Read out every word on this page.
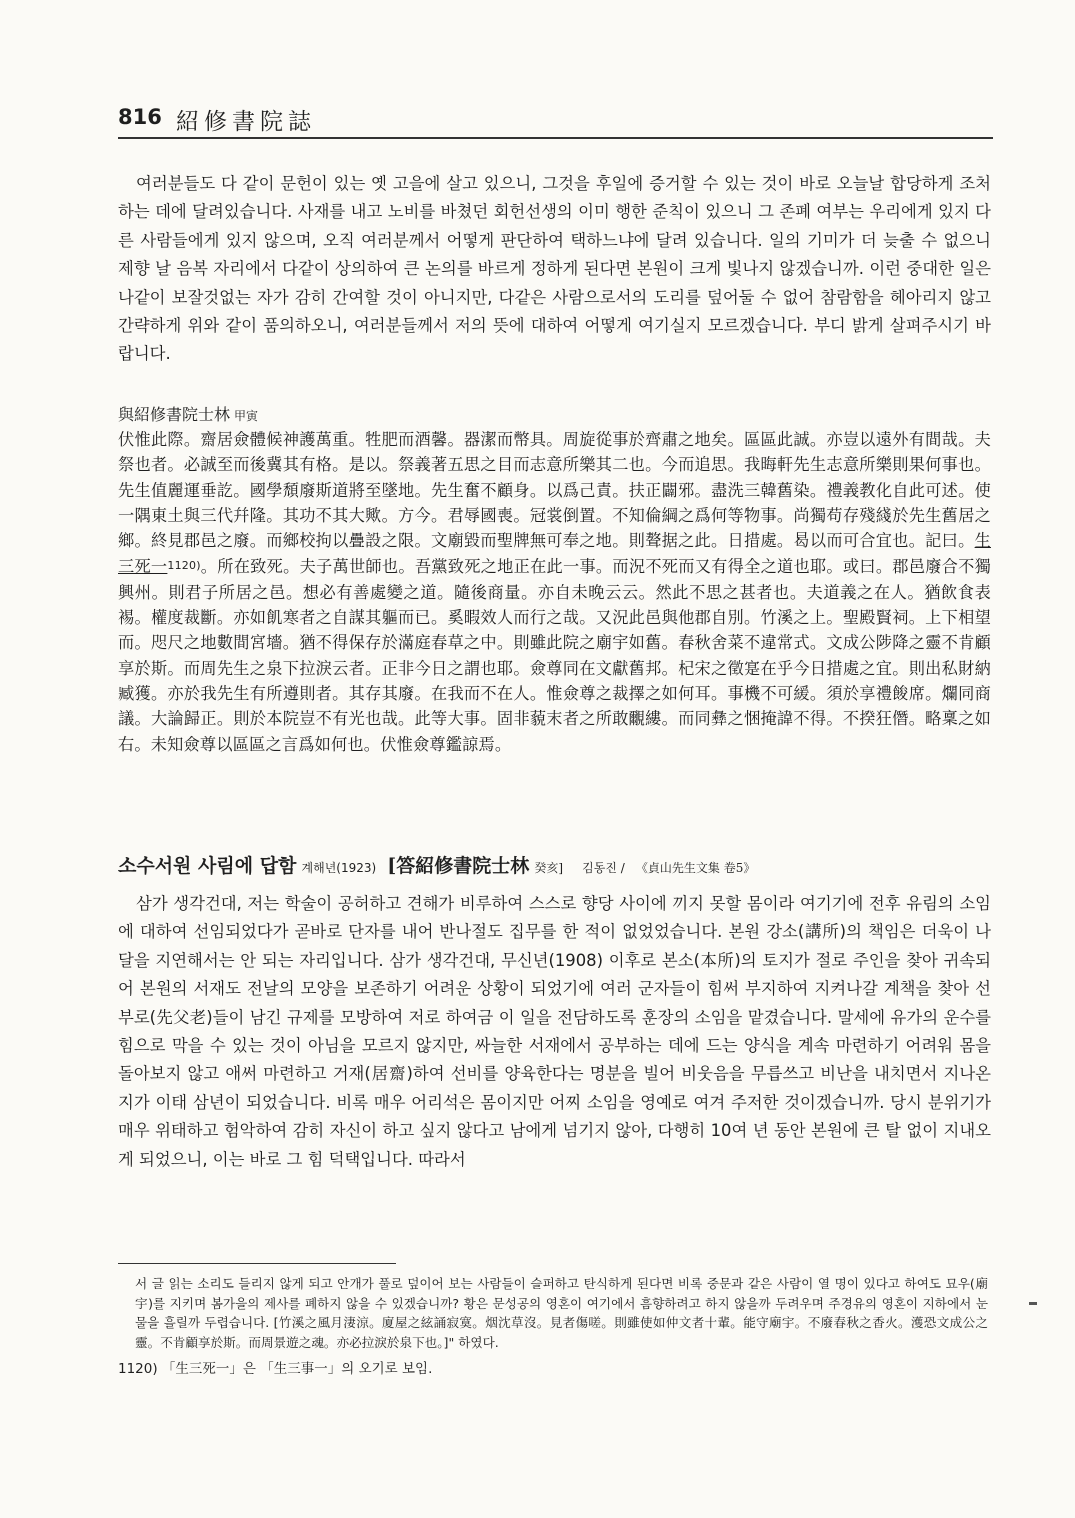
816 紹修書院誌

여러분들도 다 같이 문헌이 있는 옛 고을에 살고 있으니, 그것을 후일에 증거할 수 있는 것이 바로 오늘날 합당하게 조처하는 데에 달려있습니다. 사재를 내고 노비를 바쳤던 회헌선생의 이미 행한 준칙이 있으니 그 존폐 여부는 우리에게 있지 다른 사람들에게 있지 않으며, 오직 여러분께서 어떻게 판단하여 택하느냐에 달려 있습니다. 일의 기미가 더 늦출 수 없으니 제향 날 음복 자리에서 다같이 상의하여 큰 논의를 바르게 정하게 된다면 본원이 크게 빛나지 않겠습니까. 이런 중대한 일은 나같이 보잘것없는 자가 감히 간여할 것이 아니지만, 다같은 사람으로서의 도리를 덮어둘 수 없어 참람함을 헤아리지 않고 간략하게 위와 같이 품의하오니, 여러분들께서 저의 뜻에 대하여 어떻게 여기실지 모르겠습니다. 부디 밝게 살펴주시기 바랍니다.

與紹修書院士林 甲寅

伏惟此際。齋居僉體候神護萬重。牲肥而酒馨。器潔而幣具。周旋從事於齊肅之地矣。區區此誠。亦豈以遠外有間哉。夫祭也者。必誠至而後冀其有格。是以。祭義著五思之目而志意所樂其二也。今而追思。我晦軒先生志意所樂則果何事也。先生值麗運垂訖。國學頹廢斯道將至墜地。先生奮不顧身。以爲己責。扶正闢邪。盡洗三韓舊染。禮義教化自此可述。使一隅東土與三代幷隆。其功不其大歟。方今。君辱國喪。冠裳倒置。不知倫綱之爲何等物事。尚獨苟存殘綫於先生舊居之鄉。終見郡邑之廢。而鄉校拘以疊設之限。文廟毀而聖牌無可奉之地。則聱据之此。日措處。曷以而可合宜也。記曰。生三死一1120)。所在致死。夫子萬世師也。吾黨致死之地正在此一事。而況不死而又有得全之道也耶。或曰。郡邑廢合不獨興州。則君子所居之邑。想必有善處變之道。隨後商量。亦自未晚云云。然此不思之甚者也。夫道義之在人。猶飲食表裼。權度裁斷。亦如飢寒者之自謀其軀而已。奚暇效人而行之哉。又況此邑與他郡自別。竹溪之上。聖殿賢祠。上下相望而。咫尺之地數間宮墻。猶不得保存於滿庭春草之中。則雖此院之廟宇如舊。春秋舍菜不違常式。文成公陟降之靈不肯顧享於斯。而周先生之泉下拉淚云者。正非今日之謂也耶。僉尊同在文獻舊邦。杞宋之徵寔在乎今日措處之宜。則出私財納臧獲。亦於我先生有所遵則者。其存其廢。在我而不在人。惟僉尊之裁擇之如何耳。事機不可緩。須於享禮餕席。爛同商議。大論歸正。則於本院豈不有光也哉。此等大事。固非藐末者之所敢覼縷。而同彝之悃掩諱不得。不揆狂僭。略稟之如右。未知僉尊以區區之言爲如何也。伏惟僉尊鑑諒焉。

소수서원 사림에 답함 계해년(1923) [答紹修書院士林 癸亥] 김동진 / 《貞山先生文集 卷5》

삼가 생각건대, 저는 학술이 공허하고 견해가 비루하여 스스로 향당 사이에 끼지 못할 몸이라 여기기에 전후 유림의 소임에 대하여 선임되었다가 곧바로 단자를 내어 반나절도 집무를 한 적이 없었었습니다. 본원 강소(講所)의 책임은 더욱이 나달을 지연해서는 안 되는 자리입니다. 삼가 생각건대, 무신년(1908) 이후로 본소(本所)의 토지가 절로 주인을 찾아 귀속되어 본원의 서재도 전날의 모양을 보존하기 어려운 상황이 되었기에 여러 군자들이 힘써 부지하여 지켜나갈 계책을 찾아 선부로(先父老)들이 남긴 규제를 모방하여 저로 하여금 이 일을 전담하도록 훈장의 소임을 맡겼습니다. 말세에 유가의 운수를 힘으로 막을 수 있는 것이 아님을 모르지 않지만, 싸늘한 서재에서 공부하는 데에 드는 양식을 계속 마련하기 어려워 몸을 돌아보지 않고 애써 마련하고 거재(居齋)하여 선비를 양육한다는 명분을 빌어 비웃음을 무릅쓰고 비난을 내치면서 지나온 지가 이태 삼년이 되었습니다. 비록 매우 어리석은 몸이지만 어찌 소임을 영예로 여겨 주저한 것이겠습니까. 당시 분위기가 매우 위태하고 험악하여 감히 자신이 하고 싶지 않다고 남에게 넘기지 않아, 다행히 10여 년 동안 본원에 큰 탈 없이 지내오게 되었으니, 이는 바로 그 힘 덕택입니다. 따라서

서 글 읽는 소리도 들리지 않게 되고 안개가 풀로 덮이어 보는 사람들이 슬퍼하고 탄식하게 된다면 비록 중문과 같은 사람이 열 명이 있다고 하여도 묘우(廟宇)를 지키며 봄가을의 제사를 폐하지 않을 수 있겠습니까? 황은 문성공의 영혼이 여기에서 흠향하려고 하지 않을까 두려우며 주경유의 영혼이 지하에서 눈물을 흘릴까 두렵습니다. [竹溪之風月淒涼。廈屋之絃誦寂寞。烟沈草沒。見者傷嗟。則雖使如仲文者十輩。能守廟宇。不廢春秋之香火。濩恐文成公之靈。不肯顧享於斯。而周景遊之魂。亦必拉淚於泉下也。]" 하였다.

1120) 「生三死一」은 「生三事一」의 오기로 보임.
